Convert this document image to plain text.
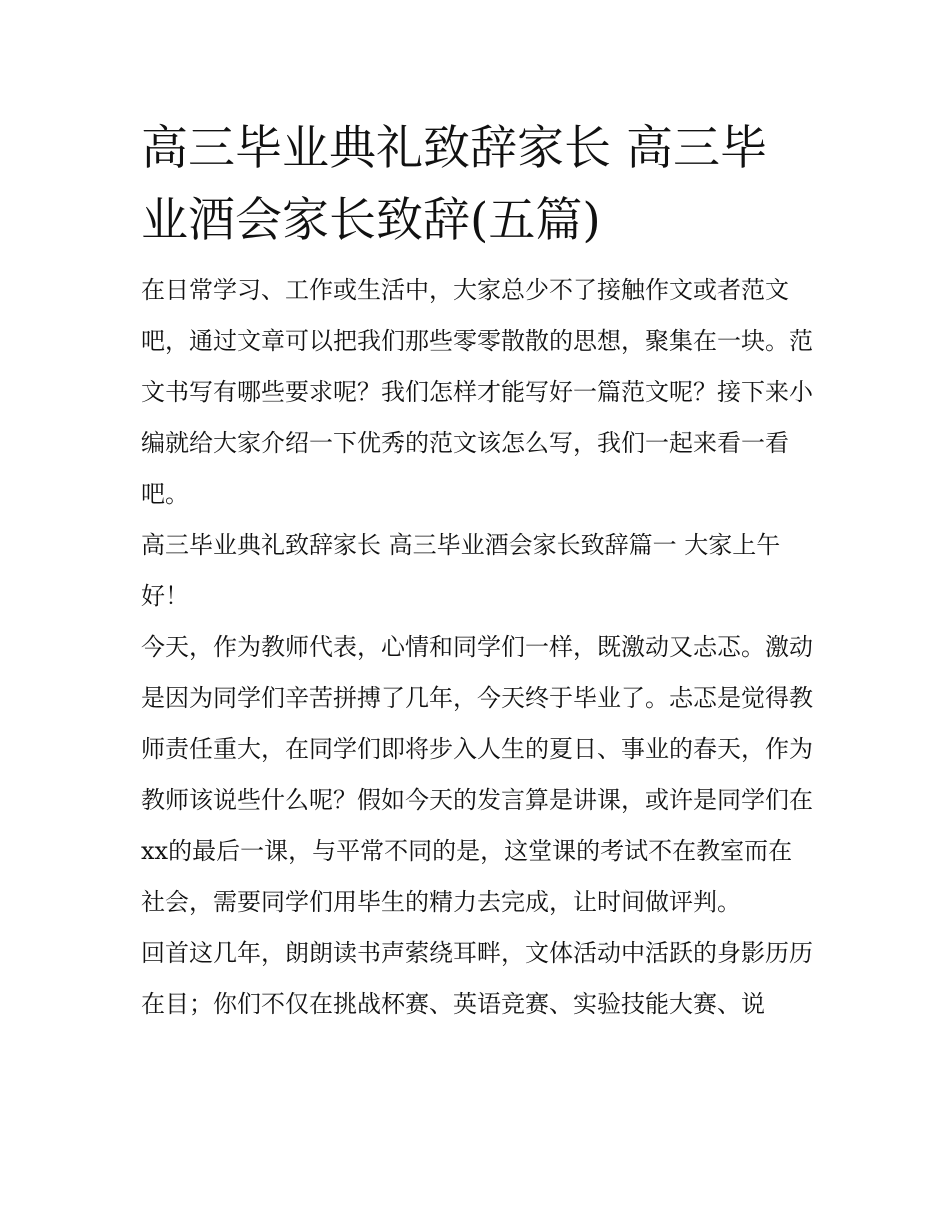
高三毕业典礼致辞家长 高三毕业酒会家长致辞(五篇)

在日常学习、工作或生活中，大家总少不了接触作文或者范文吧，通过文章可以把我们那些零零散散的思想，聚集在一块。范文书写有哪些要求呢？我们怎样才能写好一篇范文呢？接下来小编就给大家介绍一下优秀的范文该怎么写，我们一起来看一看吧。

高三毕业典礼致辞家长 高三毕业酒会家长致辞篇一 大家上午好！

今天，作为教师代表，心情和同学们一样，既激动又忐忑。激动是因为同学们辛苦拼搏了几年，今天终于毕业了。忐忑是觉得教师责任重大，在同学们即将步入人生的夏日、事业的春天，作为教师该说些什么呢？假如今天的发言算是讲课，或许是同学们在xx的最后一课，与平常不同的是，这堂课的考试不在教室而在社会，需要同学们用毕生的精力去完成，让时间做评判。

回首这几年，朗朗读书声萦绕耳畔，文体活动中活跃的身影历历在目；你们不仅在挑战杯赛、英语竞赛、实验技能大赛、说
